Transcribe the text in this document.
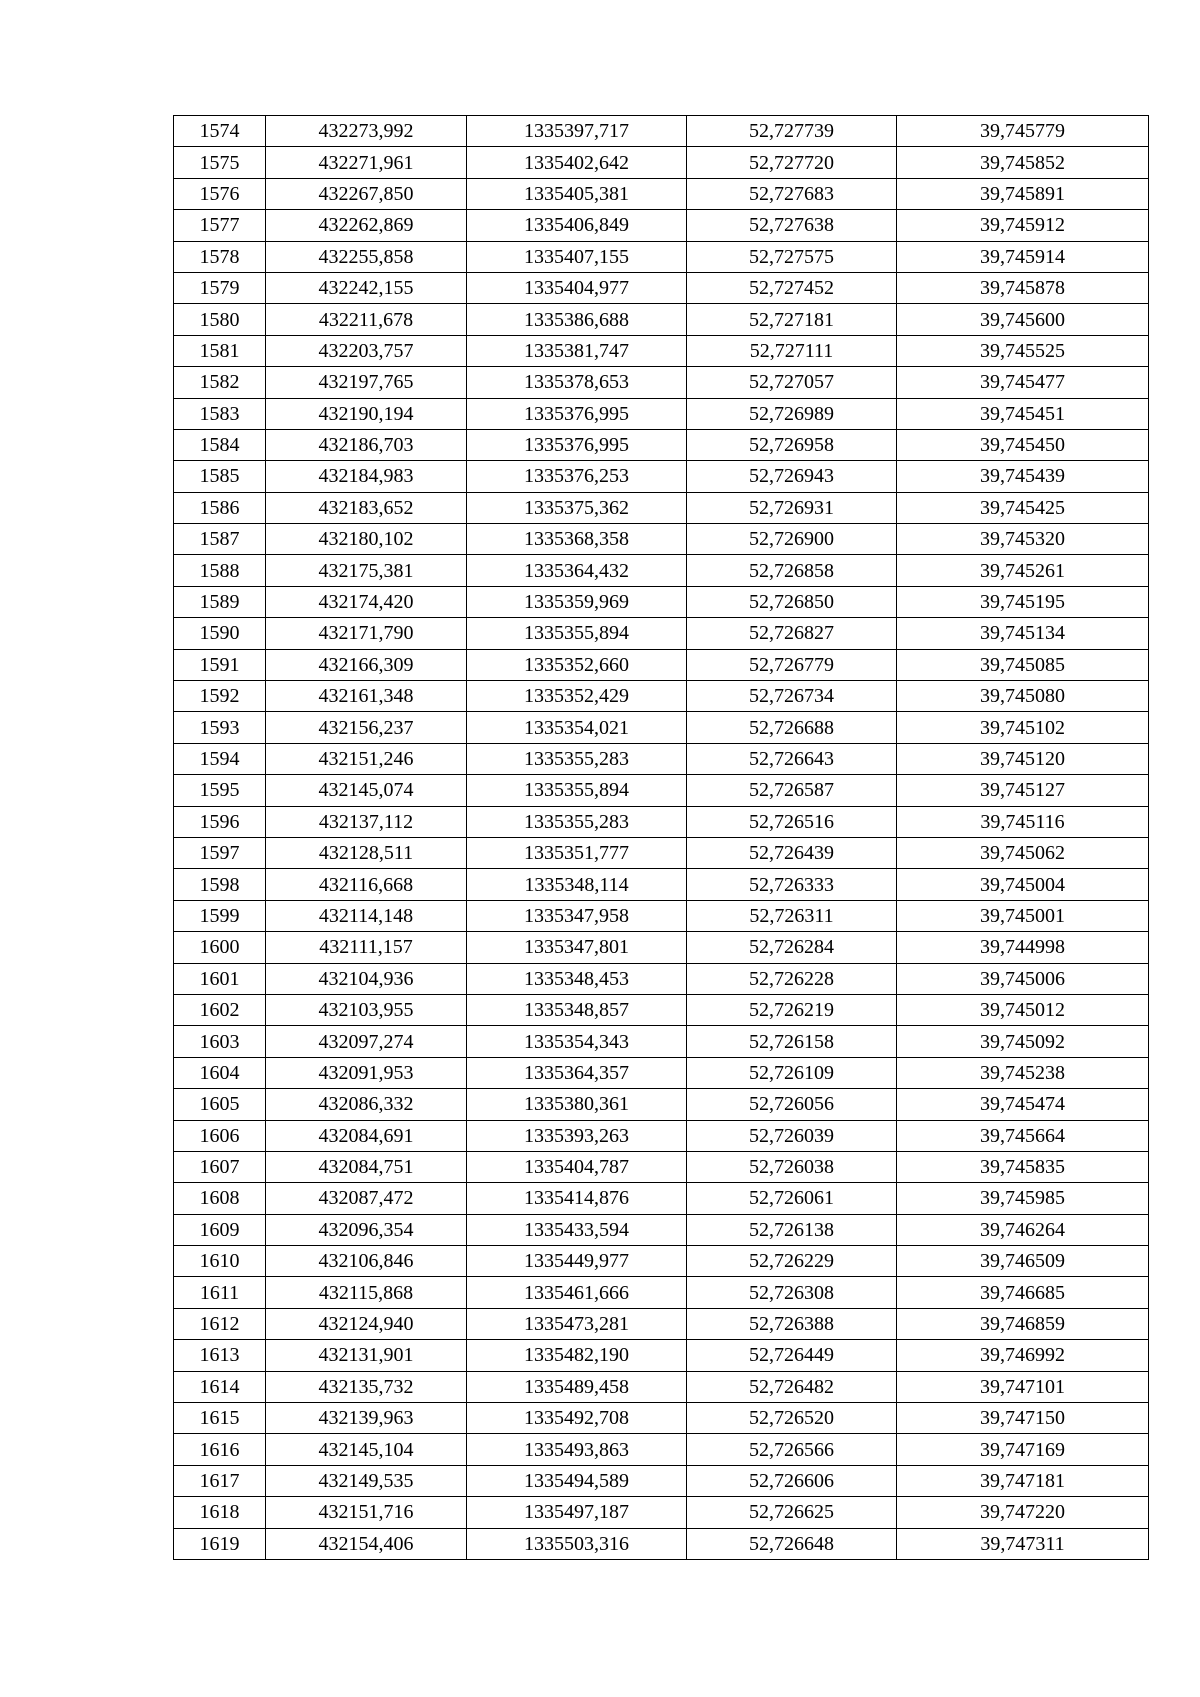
1574	432273,992	1335397,717	52,727739	39,745779
1575	432271,961	1335402,642	52,727720	39,745852
1576	432267,850	1335405,381	52,727683	39,745891
1577	432262,869	1335406,849	52,727638	39,745912
1578	432255,858	1335407,155	52,727575	39,745914
1579	432242,155	1335404,977	52,727452	39,745878
1580	432211,678	1335386,688	52,727181	39,745600
1581	432203,757	1335381,747	52,727111	39,745525
1582	432197,765	1335378,653	52,727057	39,745477
1583	432190,194	1335376,995	52,726989	39,745451
1584	432186,703	1335376,995	52,726958	39,745450
1585	432184,983	1335376,253	52,726943	39,745439
1586	432183,652	1335375,362	52,726931	39,745425
1587	432180,102	1335368,358	52,726900	39,745320
1588	432175,381	1335364,432	52,726858	39,745261
1589	432174,420	1335359,969	52,726850	39,745195
1590	432171,790	1335355,894	52,726827	39,745134
1591	432166,309	1335352,660	52,726779	39,745085
1592	432161,348	1335352,429	52,726734	39,745080
1593	432156,237	1335354,021	52,726688	39,745102
1594	432151,246	1335355,283	52,726643	39,745120
1595	432145,074	1335355,894	52,726587	39,745127
1596	432137,112	1335355,283	52,726516	39,745116
1597	432128,511	1335351,777	52,726439	39,745062
1598	432116,668	1335348,114	52,726333	39,745004
1599	432114,148	1335347,958	52,726311	39,745001
1600	432111,157	1335347,801	52,726284	39,744998
1601	432104,936	1335348,453	52,726228	39,745006
1602	432103,955	1335348,857	52,726219	39,745012
1603	432097,274	1335354,343	52,726158	39,745092
1604	432091,953	1335364,357	52,726109	39,745238
1605	432086,332	1335380,361	52,726056	39,745474
1606	432084,691	1335393,263	52,726039	39,745664
1607	432084,751	1335404,787	52,726038	39,745835
1608	432087,472	1335414,876	52,726061	39,745985
1609	432096,354	1335433,594	52,726138	39,746264
1610	432106,846	1335449,977	52,726229	39,746509
1611	432115,868	1335461,666	52,726308	39,746685
1612	432124,940	1335473,281	52,726388	39,746859
1613	432131,901	1335482,190	52,726449	39,746992
1614	432135,732	1335489,458	52,726482	39,747101
1615	432139,963	1335492,708	52,726520	39,747150
1616	432145,104	1335493,863	52,726566	39,747169
1617	432149,535	1335494,589	52,726606	39,747181
1618	432151,716	1335497,187	52,726625	39,747220
1619	432154,406	1335503,316	52,726648	39,747311
